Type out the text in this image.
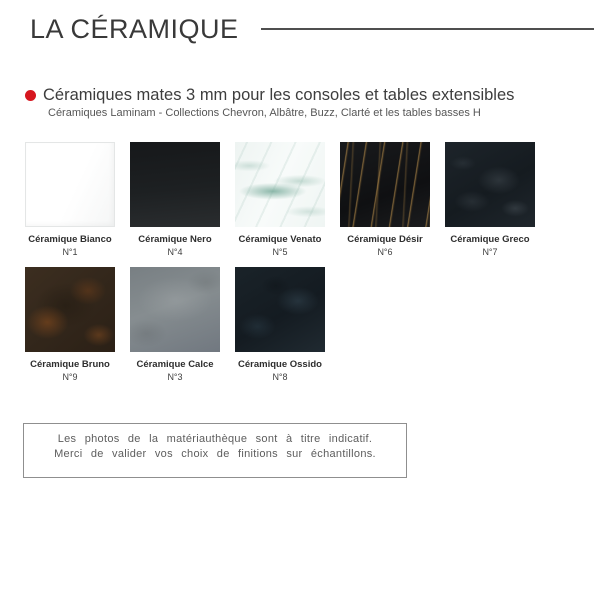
LA CÉRAMIQUE
Céramiques mates 3 mm pour les consoles et tables extensibles
Céramiques Laminam - Collections Chevron, Albâtre, Buzz, Clarté et les tables basses H
Céramique Bianco
N°1
Céramique Nero
N°4
Céramique Venato
N°5
Céramique Désir
N°6
Céramique Greco
N°7
Céramique Bruno
N°9
Céramique Calce
N°3
Céramique Ossido
N°8
Les photos de la matériauthèque sont à titre indicatif.
Merci de valider vos choix de finitions sur échantillons.
